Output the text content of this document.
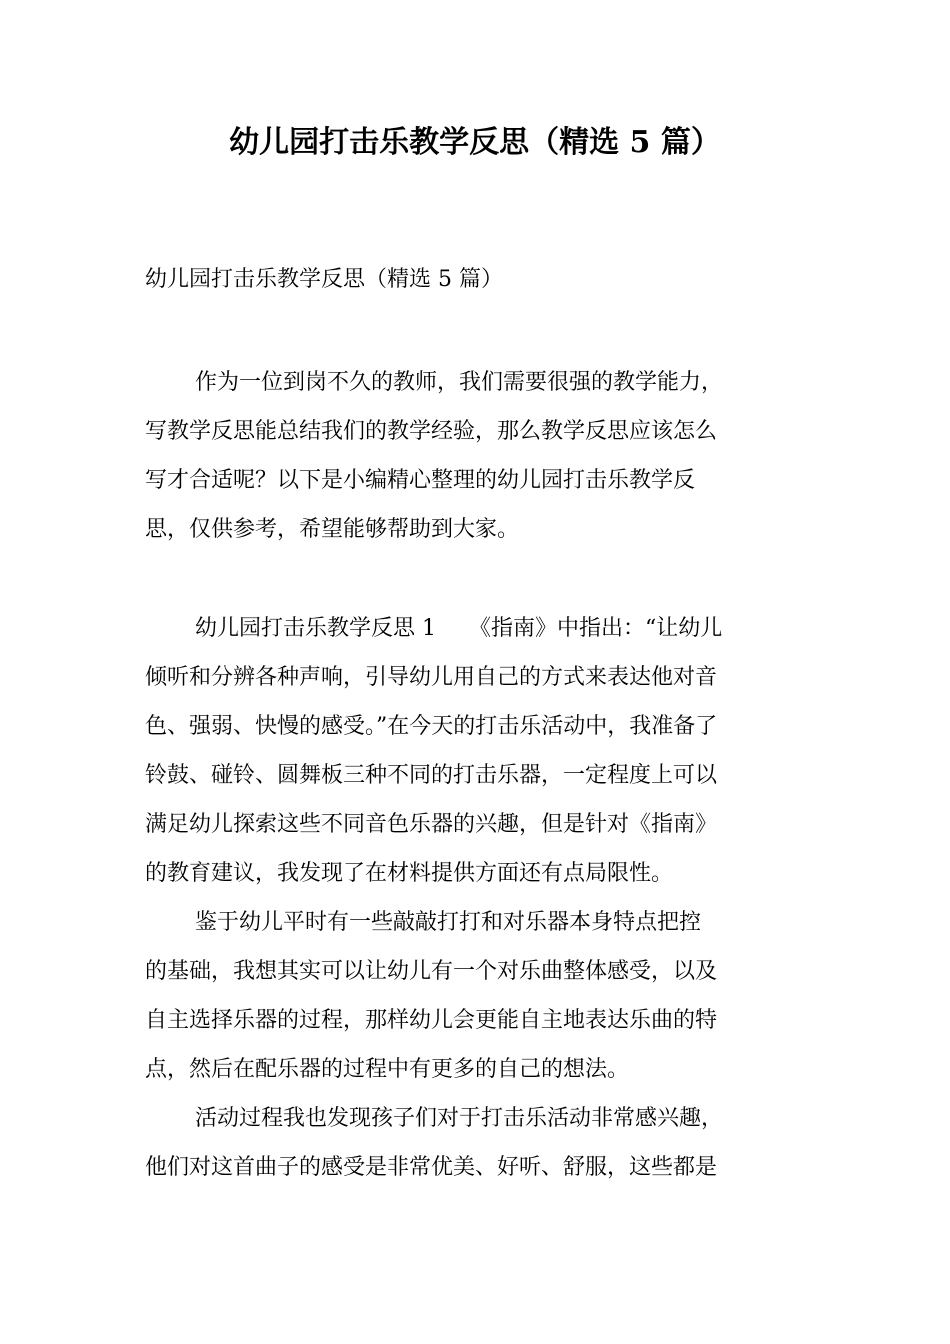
幼儿园打击乐教学反思（精选 5 篇）

幼儿园打击乐教学反思（精选 5 篇）

作为一位到岗不久的教师，我们需要很强的教学能力，
写教学反思能总结我们的教学经验，那么教学反思应该怎么
写才合适呢？以下是小编精心整理的幼儿园打击乐教学反
思，仅供参考，希望能够帮助到大家。

幼儿园打击乐教学反思 1　　《指南》中指出：“让幼儿
倾听和分辨各种声响，引导幼儿用自己的方式来表达他对音
色、强弱、快慢的感受。”在今天的打击乐活动中，我准备了
铃鼓、碰铃、圆舞板三种不同的打击乐器，一定程度上可以
满足幼儿探索这些不同音色乐器的兴趣，但是针对《指南》
的教育建议，我发现了在材料提供方面还有点局限性。

鉴于幼儿平时有一些敲敲打打和对乐器本身特点把控
的基础，我想其实可以让幼儿有一个对乐曲整体感受，以及
自主选择乐器的过程，那样幼儿会更能自主地表达乐曲的特
点，然后在配乐器的过程中有更多的自己的想法。

活动过程我也发现孩子们对于打击乐活动非常感兴趣，
他们对这首曲子的感受是非常优美、好听、舒服，这些都是
